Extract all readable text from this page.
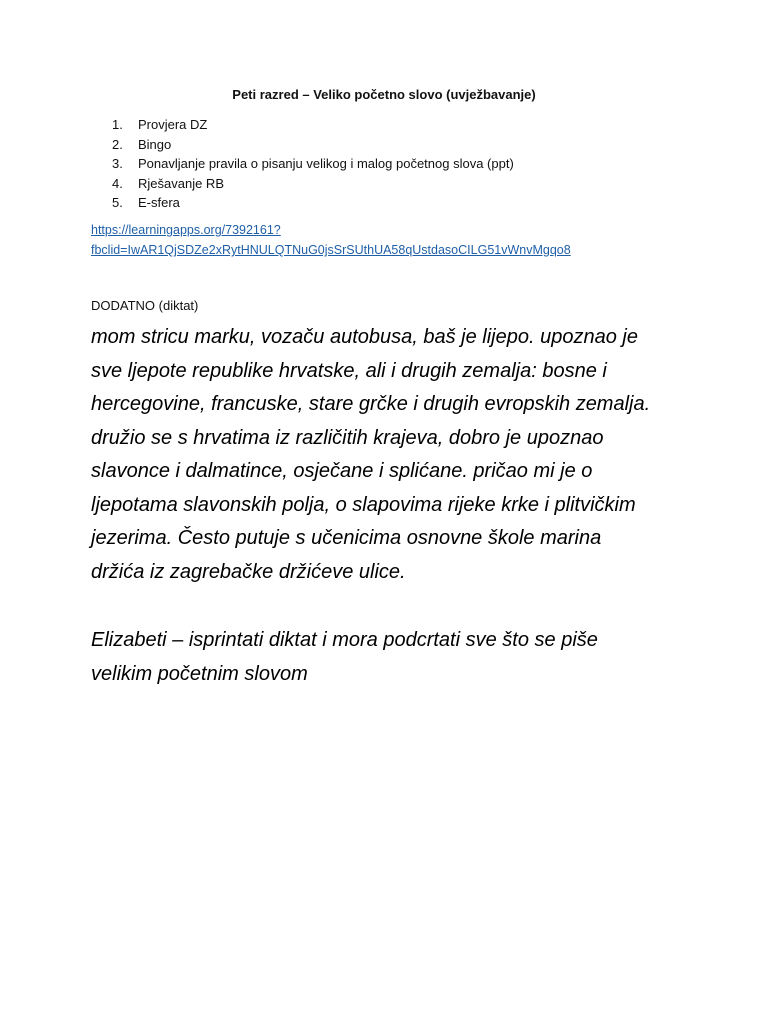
Peti razred – Veliko početno slovo (uvježbavanje)
1. Provjera DZ
2. Bingo
3. Ponavljanje pravila o pisanju velikog i malog početnog slova (ppt)
4. Rješavanje RB
5. E-sfera
https://learningapps.org/7392161?
fbclid=IwAR1QjSDZe2xRytHNULQTNuG0jsSrSUthUA58qUstdasoCILG51vWnvMgqo8
DODATNO (diktat)
mom stricu marku, vozaču autobusa, baš je lijepo. upoznao je
sve ljepote republike hrvatske, ali i drugih zemalja: bosne i
hercegovine, francuske, stare grčke i drugih evropskih zemalja.
družio se s hrvatima iz različitih krajeva, dobro je upoznao
slavonce i dalmatince, osječane i splićane. pričao mi je o
ljepotama slavonskih polja, o slapovima rijeke krke i plitvičkim
jezerima. Često putuje s učenicima osnovne škole marina
držića iz zagrebačke držićeve ulice.
Elizabeti – isprintati diktat i mora podcrtati sve što se piše
velikim početnim slovom
